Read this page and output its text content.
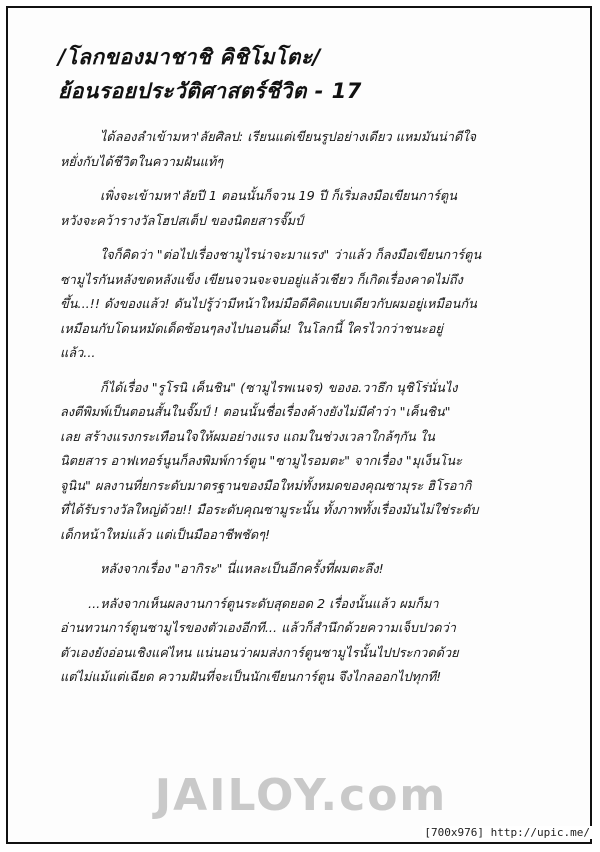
/โลกของมาชาชิ คิชิโมโตะ/
ย้อนรอยประวัติศาสตร์ชีวิต - 17

ได้ลองลำเข้ามหา'ลัยศิลป: เรียนแต่เขียนรูปอย่างเดียว แหมมันน่าดีใจ
หยั่งกับได้ชีวิตในความฝันแท้ๆ

เพิ่งจะเข้ามหา'ลัยปี 1 ตอนนั้นก็จวน 19 ปี ก็เริ่มลงมือเขียนการ์ตูน
หวังจะคว้ารางวัลโฮปสเต็ป ของนิตยสารจั๊มป์

ใจก็คิดว่า "ต่อไปเรื่องชามูไรน่าจะมาแรง" ว่าแล้ว ก็ลงมือเขียนการ์ตูน
ซามูไรกันหลังขดหลังแข็ง เขียนจวนจะจบอยู่แล้วเชียว ก็เกิดเรื่องคาดไม่ถึง
ขึ้น...!! ดังของแล้ว! ดันไปรู้ว่ามีหน้าใหม่มือดีคิดแบบเดียวกับผมอยู่เหมือนกัน
เหมือนกับโดนหมัดเด็ดซ้อนๆลงไปนอนดิ้น! ในโลกนี้ ใครไวกว่าชนะอยู่
แล้ว...

ก็ได้เรื่อง "รูโรนิ เค็นชิน" (ซามูไรพเนจร) ของอ.วาธึก นุชิโร่นั่นไง
ลงตีพิมพ์เป็นตอนสั้นในจั๊มป์ ! ตอนนั้นชื่อเรื่องค้างยังไม่มีคำว่า "เค็นชิน"
เลย สร้างแรงกระเทือนใจให้ผมอย่างแรง แถมในช่วงเวลาใกล้ๆกัน ใน
นิตยสาร อาฟเทอร์นูนก็ลงพิมพ์การ์ตูน "ซามูไรอมตะ" จากเรื่อง "มุเง็นโนะ
จูนิน" ผลงานที่ยกระดับมาตรฐานของมือใหม่ทั้งหมดของคุณซามุระ ฮิโรอากิ
ที่ได้รับรางวัลใหญ่ด้วย!! มือระดับคุณซามูระนั้น ทั้งภาพทั้งเรื่องมันไม่ใช่ระดับ
เด็กหน้าใหม่แล้ว แต่เป็นมืออาชีพชัดๆ!

หลังจากเรื่อง "อากิระ" นี่แหละเป็นอีกครั้งที่ผมตะลึง!

...หลังจากเห็นผลงานการ์ตูนระดับสุดยอด 2 เรื่องนั้นแล้ว ผมก็มา
อ่านทวนการ์ตูนซามูไรของตัวเองอีกที... แล้วก็สำนึกด้วยความเจ็บปวดว่า
ตัวเองยังอ่อนเชิงแค่ไหน แน่นอนว่าผมส่งการ์ตูนซามูไรนั้นไปประกวดด้วย
แต่ไม่แม้แต่เฉียด ความฝันที่จะเป็นนักเขียนการ์ตูน จึงไกลออกไปทุกที!

JAILOY.com
[700x976] http://upic.me/
